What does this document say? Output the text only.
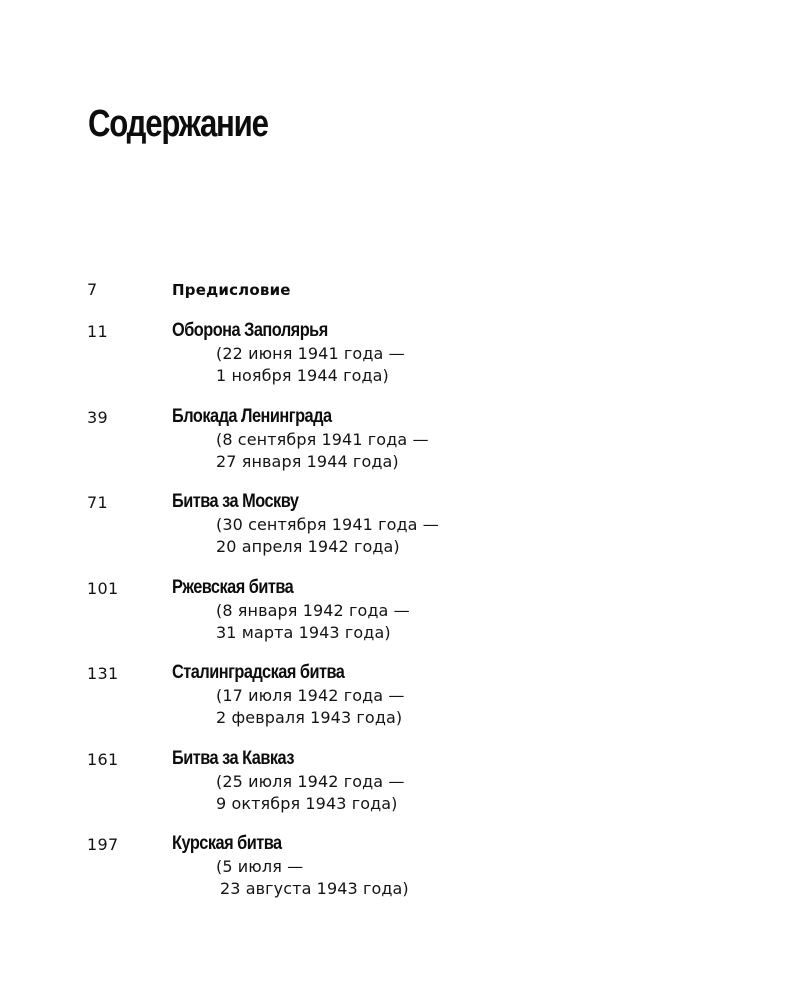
Содержание
7	Предисловие
11	Оборона Заполярья
(22 июня 1941 года —
1 ноября 1944 года)
39	Блокада Ленинграда
(8 сентября 1941 года —
27 января 1944 года)
71	Битва за Москву
(30 сентября 1941 года —
20 апреля 1942 года)
101	Ржевская битва
(8 января 1942 года —
31 марта 1943 года)
131	Сталинградская битва
(17 июля 1942 года —
2 февраля 1943 года)
161	Битва за Кавказ
(25 июля 1942 года —
9 октября 1943 года)
197	Курская битва
(5 июля —
23 августа 1943 года)
